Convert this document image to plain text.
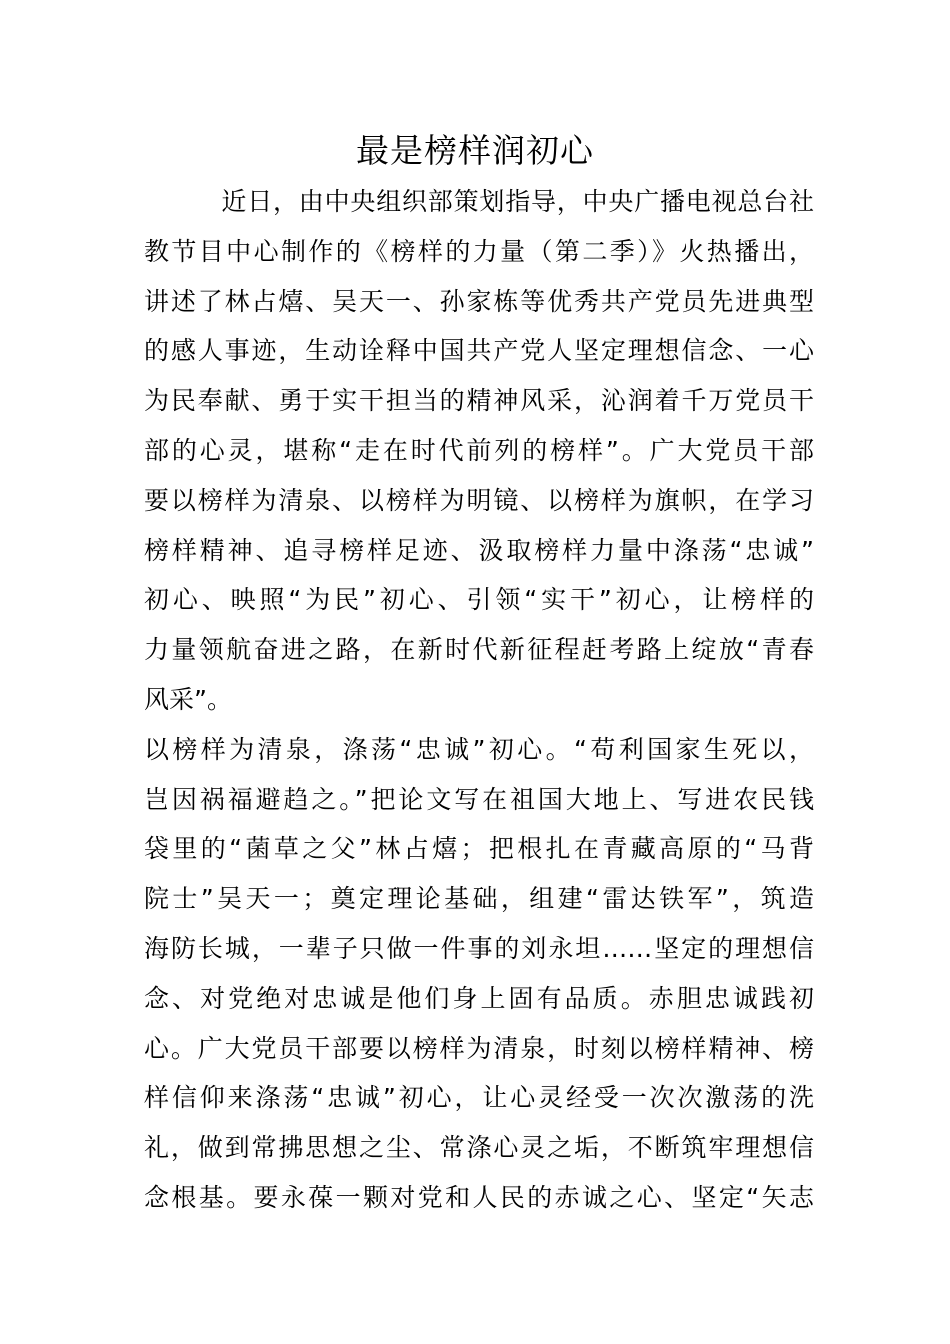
最是榜样润初心
　　　近日，由中央组织部策划指导，中央广播电视总台社
教节目中心制作的《榜样的力量（第二季）》火热播出，
讲述了林占熺、吴天一、孙家栋等优秀共产党员先进典型
的感人事迹，生动诠释中国共产党人坚定理想信念、一心
为民奉献、勇于实干担当的精神风采，沁润着千万党员干
部的心灵，堪称“走在时代前列的榜样”。广大党员干部
要以榜样为清泉、以榜样为明镜、以榜样为旗帜，在学习
榜样精神、追寻榜样足迹、汲取榜样力量中涤荡“忠诚”
初心、映照“为民”初心、引领“实干”初心，让榜样的
力量领航奋进之路，在新时代新征程赶考路上绽放“青春
风采”。
以榜样为清泉，涤荡“忠诚”初心。“苟利国家生死以，
岂因祸福避趋之。”把论文写在祖国大地上、写进农民钱
袋里的“菌草之父”林占熺；把根扎在青藏高原的“马背
院士”吴天一；奠定理论基础，组建“雷达铁军”，筑造
海防长城，一辈子只做一件事的刘永坦……坚定的理想信
念、对党绝对忠诚是他们身上固有品质。赤胆忠诚践初
心。广大党员干部要以榜样为清泉，时刻以榜样精神、榜
样信仰来涤荡“忠诚”初心，让心灵经受一次次激荡的洗
礼，做到常拂思想之尘、常涤心灵之垢，不断筑牢理想信
念根基。要永葆一颗对党和人民的赤诚之心、坚定“矢志
